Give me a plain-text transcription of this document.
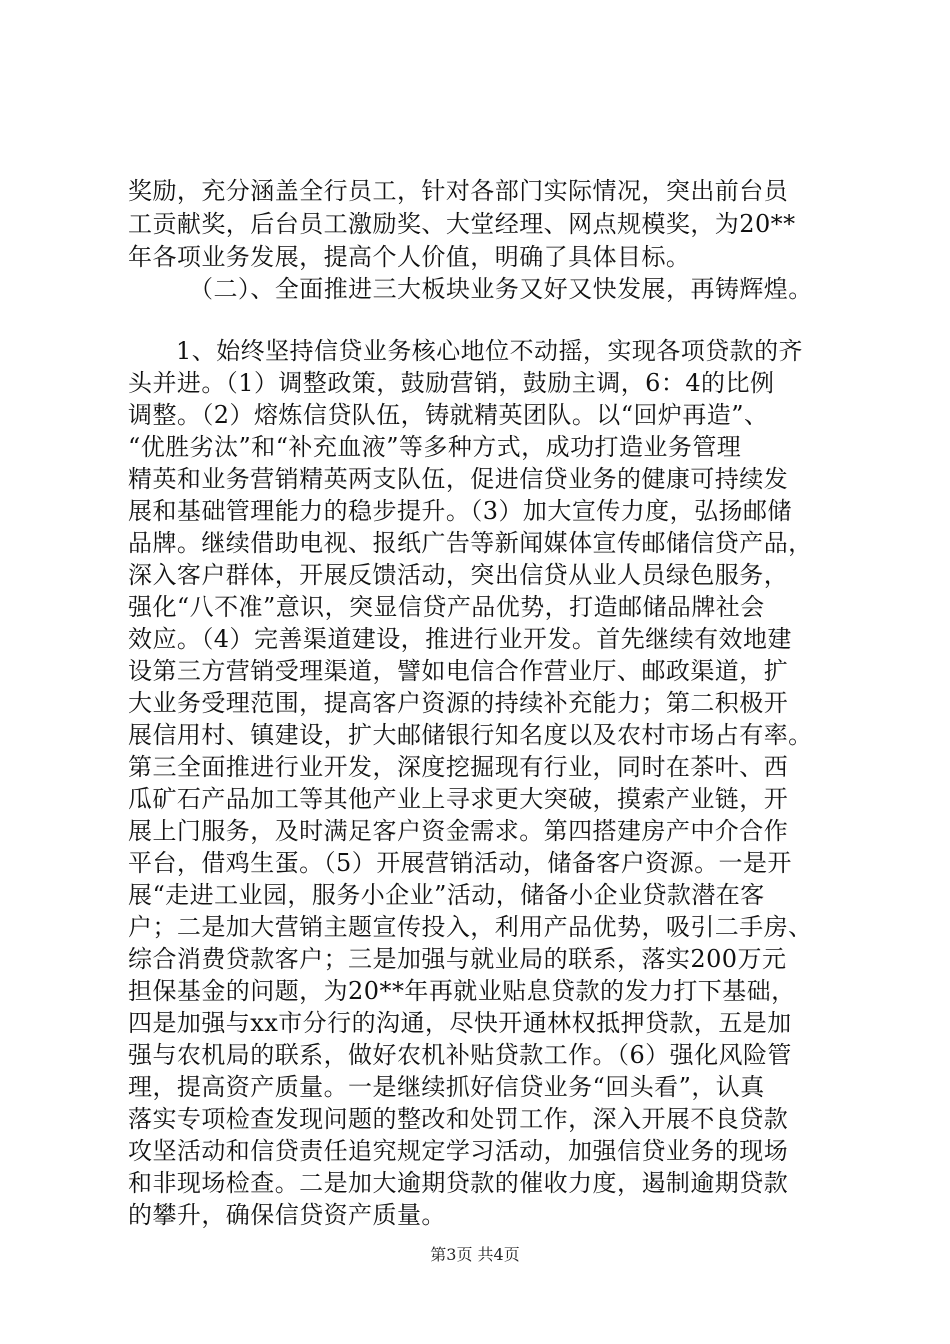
奖励，充分涵盖全行员工，针对各部门实际情况，突出前台员

工贡献奖，后台员工激励奖、大堂经理、网点规模奖，为20**

年各项业务发展，提高个人价值，明确了具体目标。

（二）、全面推进三大板块业务又好又快发展，再铸辉煌。

1、始终坚持信贷业务核心地位不动摇，实现各项贷款的齐

头并进。（1）调整政策，鼓励营销，鼓励主调，6：4的比例

调整。（2）熔炼信贷队伍，铸就精英团队。以“回炉再造”、

“优胜劣汰”和“补充血液”等多种方式，成功打造业务管理

精英和业务营销精英两支队伍，促进信贷业务的健康可持续发

展和基础管理能力的稳步提升。（3）加大宣传力度，弘扬邮储

品牌。继续借助电视、报纸广告等新闻媒体宣传邮储信贷产品，

深入客户群体，开展反馈活动，突出信贷从业人员绿色服务，

强化“八不准”意识，突显信贷产品优势，打造邮储品牌社会

效应。（4）完善渠道建设，推进行业开发。首先继续有效地建

设第三方营销受理渠道，譬如电信合作营业厅、邮政渠道，扩

大业务受理范围，提高客户资源的持续补充能力；第二积极开

展信用村、镇建设，扩大邮储银行知名度以及农村市场占有率。

第三全面推进行业开发，深度挖掘现有行业，同时在茶叶、西

瓜矿石产品加工等其他产业上寻求更大突破，摸索产业链，开

展上门服务，及时满足客户资金需求。第四搭建房产中介合作

平台，借鸡生蛋。（5）开展营销活动，储备客户资源。一是开

展“走进工业园，服务小企业”活动，储备小企业贷款潜在客

户；二是加大营销主题宣传投入，利用产品优势，吸引二手房、

综合消费贷款客户；三是加强与就业局的联系，落实200万元

担保基金的问题，为20**年再就业贴息贷款的发力打下基础，

四是加强与xx市分行的沟通，尽快开通林权抵押贷款，五是加

强与农机局的联系，做好农机补贴贷款工作。（6）强化风险管

理，提高资产质量。一是继续抓好信贷业务“回头看”，认真

落实专项检查发现问题的整改和处罚工作，深入开展不良贷款

攻坚活动和信贷责任追究规定学习活动，加强信贷业务的现场

和非现场检查。二是加大逾期贷款的催收力度，遏制逾期贷款

的攀升，确保信贷资产质量。

第3页 共4页
